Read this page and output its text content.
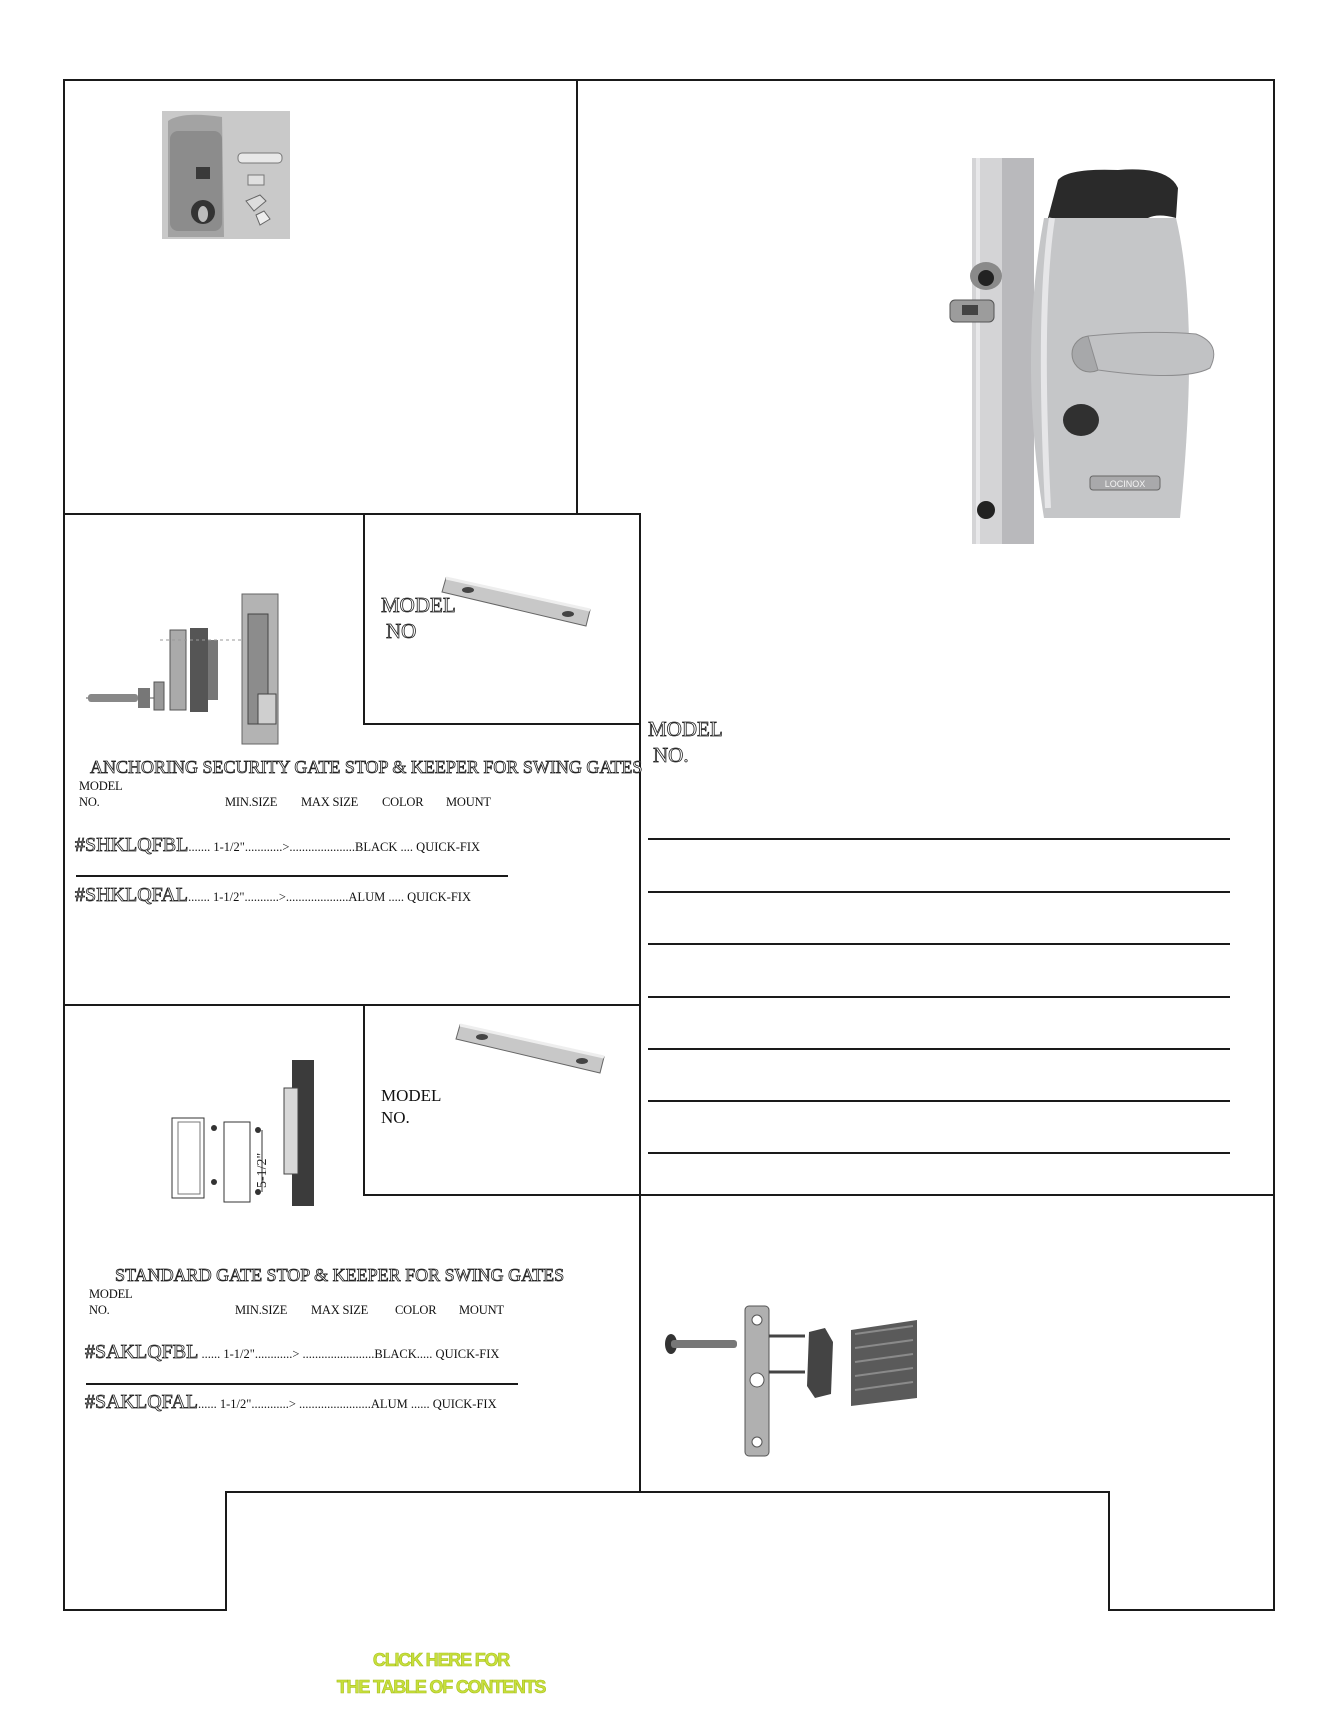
LOCINOX
MODEL
NO
ANCHORING SECURITY GATE STOP & KEEPER FOR SWING GATES
MODEL
NO.	MIN.SIZE MAX SIZE COLOR MOUNT
#SHKLQFBL....... 1-1/2"............>.....................BLACK .... QUICK-FIX
#SHKLQFAL....... 1-1/2"...........>....................ALUM ..... QUICK-FIX
5-1/2"
MODEL
NO.
STANDARD GATE STOP & KEEPER FOR SWING GATES
MODEL
NO.	MIN.SIZE MAX SIZE COLOR MOUNT
#SAKLQFBL ...... 1-1/2"............> .......................BLACK..... QUICK-FIX
#SAKLQFAL...... 1-1/2"............> .......................ALUM ...... QUICK-FIX
MODEL
NO.
CLICK HERE FOR
THE TABLE OF CONTENTS
